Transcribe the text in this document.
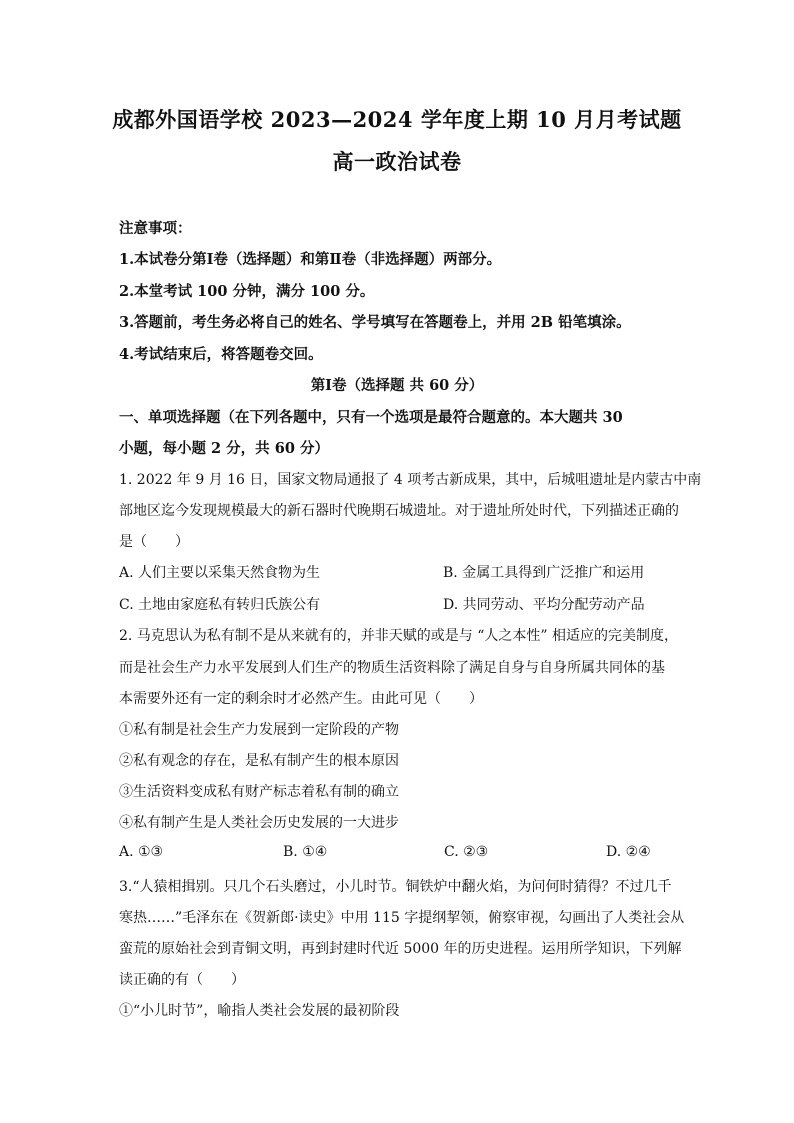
成都外国语学校 2023—2024 学年度上期 10 月月考试题
高一政治试卷
注意事项：
1.本试卷分第Ⅰ卷（选择题）和第Ⅱ卷（非选择题）两部分。
2.本堂考试 100 分钟，满分 100 分。
3.答题前，考生务必将自己的姓名、学号填写在答题卷上，并用 2B 铅笔填涂。
4.考试结束后，将答题卷交回。
第Ⅰ卷（选择题 共 60 分）
一、单项选择题（在下列各题中，只有一个选项是最符合题意的。本大题共 30
小题，每小题 2 分，共 60 分）
1. 2022 年 9 月 16 日，国家文物局通报了 4 项考古新成果，其中，后城咀遗址是内蒙古中南
部地区迄今发现规模最大的新石器时代晚期石城遗址。对于遗址所处时代，下列描述正确的
是（　　）
A. 人们主要以采集天然食物为生	B. 金属工具得到广泛推广和运用
C. 土地由家庭私有转归氏族公有	D. 共同劳动、平均分配劳动产品
2. 马克思认为私有制不是从来就有的，并非天赋的或是与 “人之本性” 相适应的完美制度，
而是社会生产力水平发展到人们生产的物质生活资料除了满足自身与自身所属共同体的基
本需要外还有一定的剩余时才必然产生。由此可见（　　）
①私有制是社会生产力发展到一定阶段的产物
②私有观念的存在，是私有制产生的根本原因
③生活资料变成私有财产标志着私有制的确立
④私有制产生是人类社会历史发展的一大进步
A. ①③	B. ①④	C. ②③	D. ②④
3.“人猿相揖别。只几个石头磨过，小儿时节。铜铁炉中翻火焰，为问何时猜得？不过几千
寒热……”毛泽东在《贺新郎·读史》中用 115 字提纲挈领，俯察审视，勾画出了人类社会从
蛮荒的原始社会到青铜文明，再到封建时代近 5000 年的历史进程。运用所学知识，下列解
读正确的有（　　）
①“小儿时节”，喻指人类社会发展的最初阶段
